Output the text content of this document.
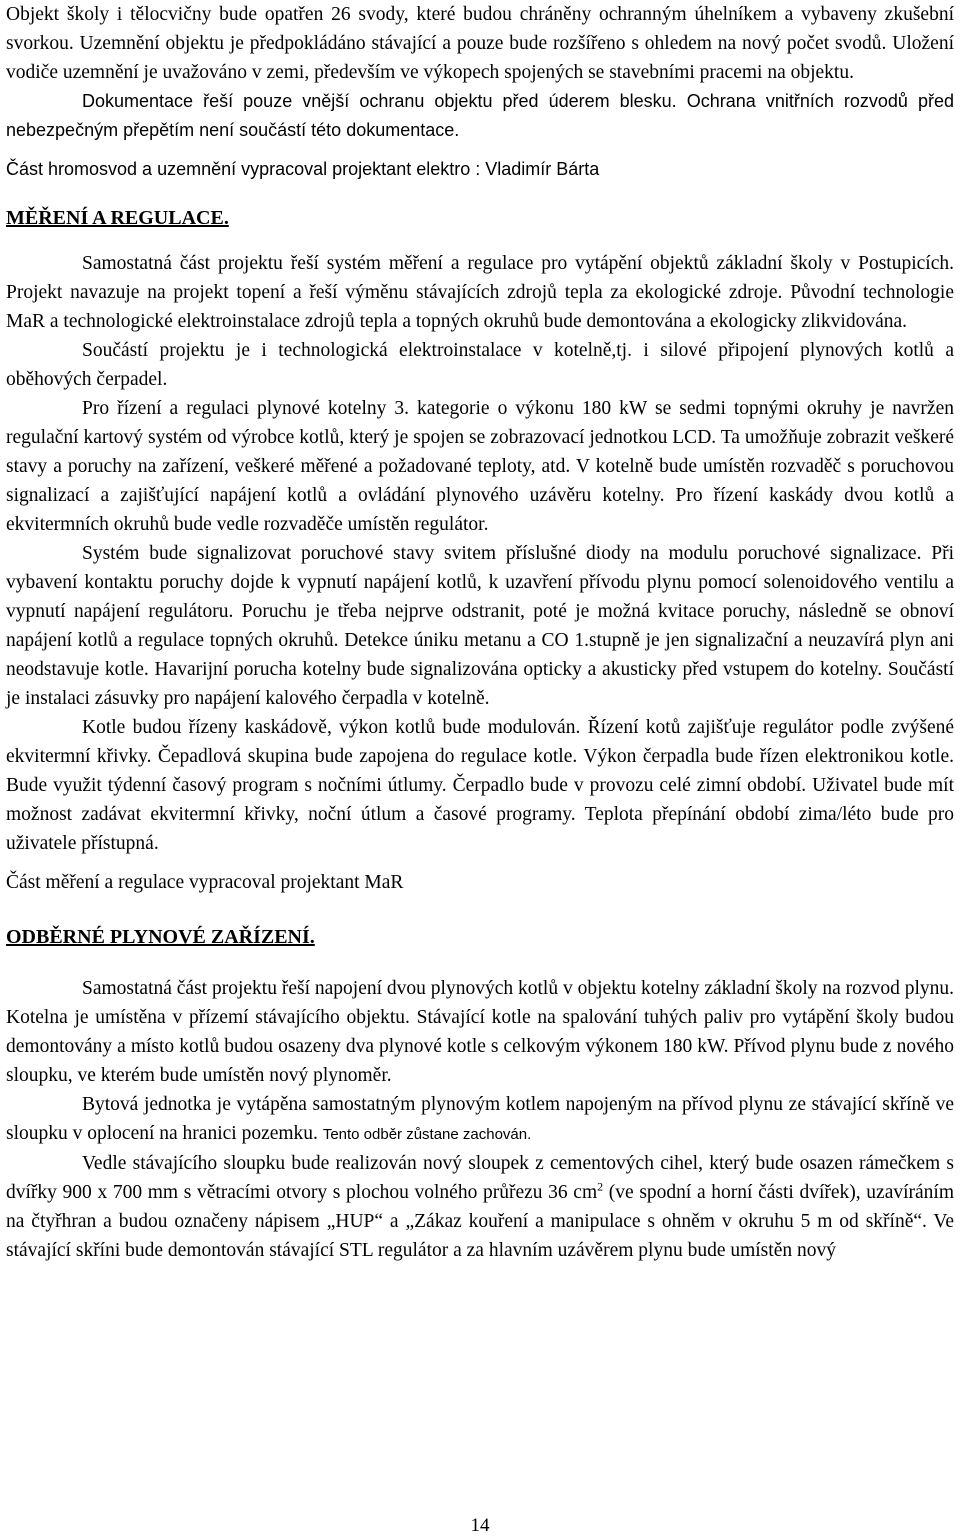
Objekt školy i tělocvičny bude opatřen 26 svody, které budou chráněny ochranným úhelníkem a vybaveny zkušební svorkou. Uzemnění objektu je předpokládáno stávající a pouze bude rozšířeno s ohledem na nový počet svodů. Uložení vodiče uzemnění je uvažováno v zemi, především ve výkopech spojených se stavebními pracemi na objektu.

Dokumentace řeší pouze vnější ochranu objektu před úderem blesku. Ochrana vnitřních rozvodů před nebezpečným přepětím není součástí této dokumentace.

Část hromosvod a uzemnění vypracoval projektant elektro : Vladimír Bárta

MĚŘENÍ A REGULACE.

Samostatná část projektu řeší systém měření a regulace pro vytápění objektů základní školy v Postupicích. Projekt navazuje na projekt topení a řeší výměnu stávajících zdrojů tepla za ekologické zdroje. Původní technologie MaR a technologické elektroinstalace zdrojů tepla a topných okruhů bude demontována a ekologicky zlikvidována.

Součástí projektu je i technologická elektroinstalace v kotelně,tj. i silové připojení plynových kotlů a oběhových čerpadel.

Pro řízení a regulaci plynové kotelny 3. kategorie o výkonu 180 kW se sedmi topnými okruhy je navržen regulační kartový systém od výrobce kotlů, který je spojen se zobrazovací jednotkou LCD. Ta umožňuje zobrazit veškeré stavy a poruchy na zařízení, veškeré měřené a požadované teploty, atd. V kotelně bude umístěn rozvaděč s poruchovou signalizací a zajišťující napájení kotlů a ovládání plynového uzávěru kotelny. Pro řízení kaskády dvou kotlů a ekvitermních okruhů bude vedle rozvaděče umístěn regulátor.

Systém bude signalizovat poruchové stavy svitem příslušné diody na modulu poruchové signalizace. Při vybavení kontaktu poruchy dojde k vypnutí napájení kotlů, k uzavření přívodu plynu pomocí solenoidového ventilu a vypnutí napájení regulátoru. Poruchu je třeba nejprve odstranit, poté je možná kvitace poruchy, následně se obnoví napájení kotlů a regulace topných okruhů. Detekce úniku metanu a CO 1.stupně je jen signalizační a neuzavírá plyn ani neodstavuje kotle. Havarijní porucha kotelny bude signalizována opticky a akusticky před vstupem do kotelny. Součástí je instalaci zásuvky pro napájení kalového čerpadla v kotelně.

Kotle budou řízeny kaskádově, výkon kotlů bude modulován. Řízení kotů zajišťuje regulátor podle zvýšené ekvitermní křivky. Čepadlová skupina bude zapojena do regulace kotle. Výkon čerpadla bude řízen elektronikou kotle. Bude využit týdenní časový program s nočními útlumy. Čerpadlo bude v provozu celé zimní období. Uživatel bude mít možnost zadávat ekvitermní křivky, noční útlum a časové programy. Teplota přepínání období zima/léto bude pro uživatele přístupná.

Část měření a regulace vypracoval projektant MaR

ODBĚRNÉ PLYNOVÉ ZAŘÍZENÍ.

Samostatná část projektu řeší napojení dvou plynových kotlů v objektu kotelny základní školy na rozvod plynu. Kotelna je umístěna v přízemí stávajícího objektu. Stávající kotle na spalování tuhých paliv pro vytápění školy budou demontovány a místo kotlů budou osazeny dva plynové kotle s celkovým výkonem 180 kW. Přívod plynu bude z nového sloupku, ve kterém bude umístěn nový plynoměr.

Bytová jednotka je vytápěna samostatným plynovým kotlem napojeným na přívod plynu ze stávající skříně ve sloupku v oplocení na hranici pozemku. Tento odběr zůstane zachován.

Vedle stávajícího sloupku bude realizován nový sloupek z cementových cihel, který bude osazen rámečkem s dvířky 900 x 700 mm s větracími otvory s plochou volného průřezu 36 $cm^2$ (ve spodní a horní části dvířek), uzavíráním na čtyřhran a budou označeny nápisem „HUP“ a „Zákaz kouření a manipulace s ohněm v okruhu 5 m od skříně“. Ve stávající skříni bude demontován stávající STL regulátor a za hlavním uzávěrem plynu bude umístěn nový

14
